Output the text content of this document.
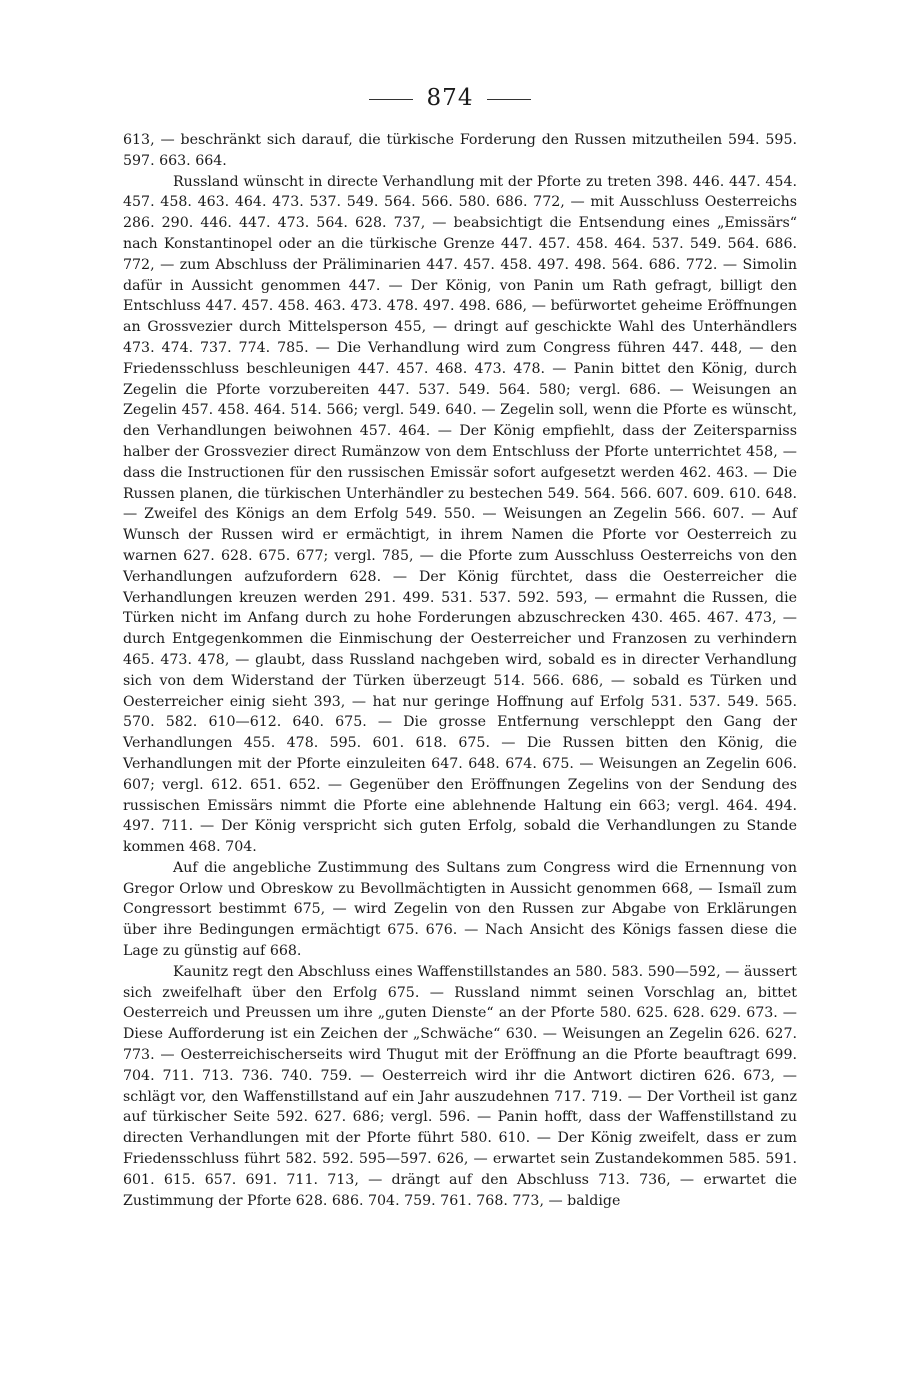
874

613, — beschränkt sich darauf, die türkische Forderung den Russen mitzutheilen 594. 595. 597. 663. 664.

Russland wünscht in directe Verhandlung mit der Pforte zu treten 398. 446. 447. 454. 457. 458. 463. 464. 473. 537. 549. 564. 566. 580. 686. 772, — mit Ausschluss Oesterreichs 286. 290. 446. 447. 473. 564. 628. 737, — beabsichtigt die Entsendung eines „Emissärs“ nach Konstantinopel oder an die türkische Grenze 447. 457. 458. 464. 537. 549. 564. 686. 772, — zum Abschluss der Präliminarien 447. 457. 458. 497. 498. 564. 686. 772. — Simolin dafür in Aussicht genommen 447. — Der König, von Panin um Rath gefragt, billigt den Entschluss 447. 457. 458. 463. 473. 478. 497. 498. 686, — befürwortet geheime Eröffnungen an Grossvezier durch Mittelsperson 455, — dringt auf geschickte Wahl des Unterhändlers 473. 474. 737. 774. 785. — Die Verhandlung wird zum Congress führen 447. 448, — den Friedensschluss beschleunigen 447. 457. 468. 473. 478. — Panin bittet den König, durch Zegelin die Pforte vorzubereiten 447. 537. 549. 564. 580; vergl. 686. — Weisungen an Zegelin 457. 458. 464. 514. 566; vergl. 549. 640. — Zegelin soll, wenn die Pforte es wünscht, den Verhandlungen beiwohnen 457. 464. — Der König empfiehlt, dass der Zeitersparniss halber der Grossvezier direct Rumänzow von dem Entschluss der Pforte unterrichtet 458, — dass die Instructionen für den russischen Emissär sofort aufgesetzt werden 462. 463. — Die Russen planen, die türkischen Unterhändler zu bestechen 549. 564. 566. 607. 609. 610. 648. — Zweifel des Königs an dem Erfolg 549. 550. — Weisungen an Zegelin 566. 607. — Auf Wunsch der Russen wird er ermächtigt, in ihrem Namen die Pforte vor Oesterreich zu warnen 627. 628. 675. 677; vergl. 785, — die Pforte zum Ausschluss Oesterreichs von den Verhandlungen aufzufordern 628. — Der König fürchtet, dass die Oesterreicher die Verhandlungen kreuzen werden 291. 499. 531. 537. 592. 593, — ermahnt die Russen, die Türken nicht im Anfang durch zu hohe Forderungen abzuschrecken 430. 465. 467. 473, — durch Entgegenkommen die Einmischung der Oesterreicher und Franzosen zu verhindern 465. 473. 478, — glaubt, dass Russland nachgeben wird, sobald es in directer Verhandlung sich von dem Widerstand der Türken überzeugt 514. 566. 686, — sobald es Türken und Oesterreicher einig sieht 393, — hat nur geringe Hoffnung auf Erfolg 531. 537. 549. 565. 570. 582. 610—612. 640. 675. — Die grosse Entfernung verschleppt den Gang der Verhandlungen 455. 478. 595. 601. 618. 675. — Die Russen bitten den König, die Verhandlungen mit der Pforte einzuleiten 647. 648. 674. 675. — Weisungen an Zegelin 606. 607; vergl. 612. 651. 652. — Gegenüber den Eröffnungen Zegelins von der Sendung des russischen Emissärs nimmt die Pforte eine ablehnende Haltung ein 663; vergl. 464. 494. 497. 711. — Der König verspricht sich guten Erfolg, sobald die Verhandlungen zu Stande kommen 468. 704.

Auf die angebliche Zustimmung des Sultans zum Congress wird die Ernennung von Gregor Orlow und Obreskow zu Bevollmächtigten in Aussicht genommen 668, — Ismaïl zum Congressort bestimmt 675, — wird Zegelin von den Russen zur Abgabe von Erklärungen über ihre Bedingungen ermächtigt 675. 676. — Nach Ansicht des Königs fassen diese die Lage zu günstig auf 668.

Kaunitz regt den Abschluss eines Waffenstillstandes an 580. 583. 590—592, — äussert sich zweifelhaft über den Erfolg 675. — Russland nimmt seinen Vorschlag an, bittet Oesterreich und Preussen um ihre „guten Dienste“ an der Pforte 580. 625. 628. 629. 673. — Diese Aufforderung ist ein Zeichen der „Schwäche“ 630. — Weisungen an Zegelin 626. 627. 773. — Oesterreichischerseits wird Thugut mit der Eröffnung an die Pforte beauftragt 699. 704. 711. 713. 736. 740. 759. — Oesterreich wird ihr die Antwort dictiren 626. 673, — schlägt vor, den Waffenstillstand auf ein Jahr auszudehnen 717. 719. — Der Vortheil ist ganz auf türkischer Seite 592. 627. 686; vergl. 596. — Panin hofft, dass der Waffenstillstand zu directen Verhandlungen mit der Pforte führt 580. 610. — Der König zweifelt, dass er zum Friedensschluss führt 582. 592. 595—597. 626, — erwartet sein Zustandekommen 585. 591. 601. 615. 657. 691. 711. 713, — drängt auf den Abschluss 713. 736, — erwartet die Zustimmung der Pforte 628. 686. 704. 759. 761. 768. 773, — baldige
